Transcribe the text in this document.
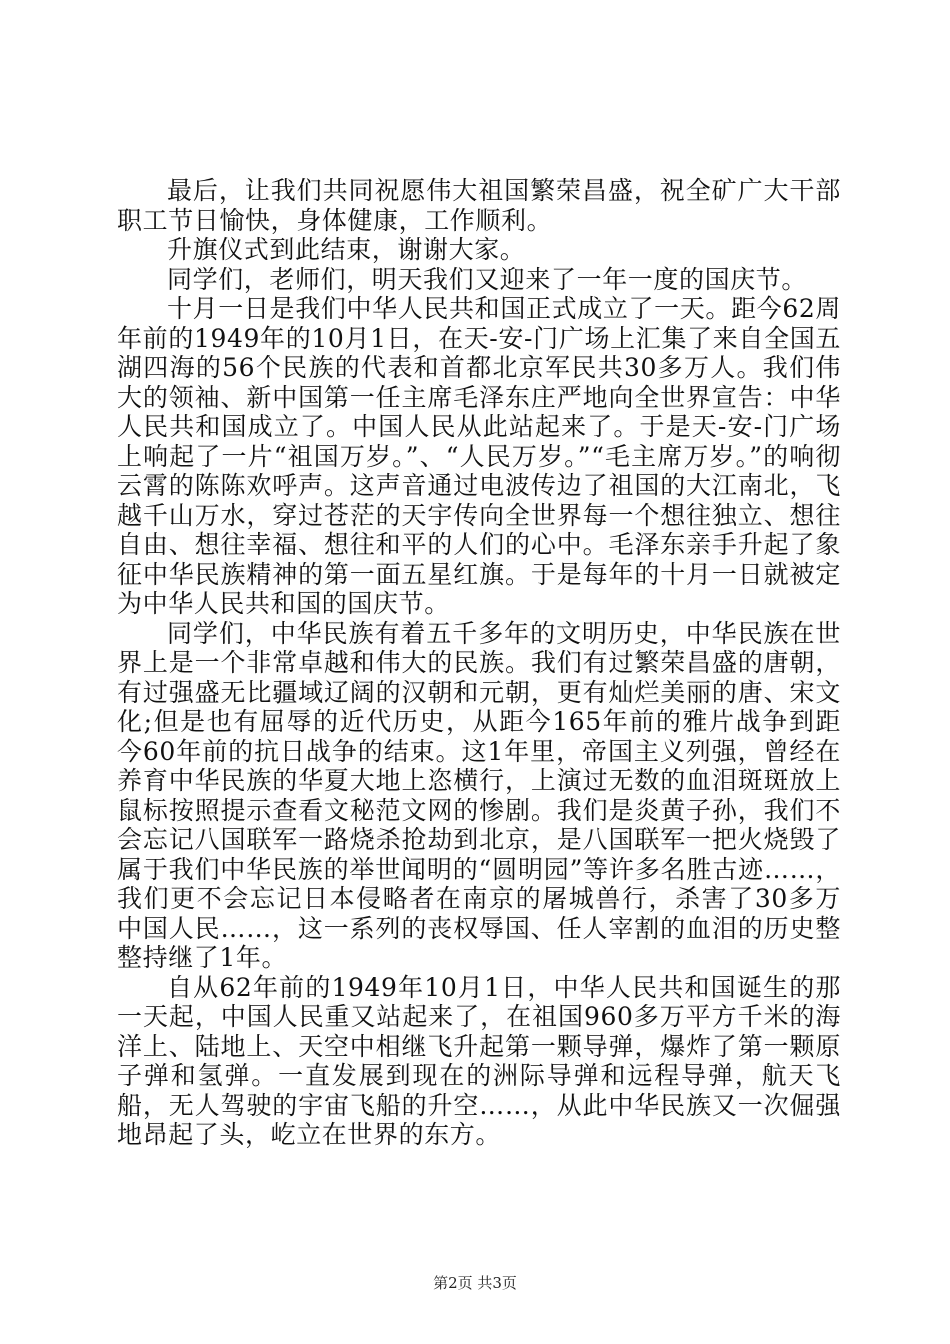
最后，让我们共同祝愿伟大祖国繁荣昌盛，祝全矿广大干部职工节日愉快，身体健康，工作顺利。

升旗仪式到此结束，谢谢大家。

同学们，老师们，明天我们又迎来了一年一度的国庆节。

十月一日是我们中华人民共和国正式成立了一天。距今62周年前的1949年的10月1日，在天-安-门广场上汇集了来自全国五湖四海的56个民族的代表和首都北京军民共30多万人。我们伟大的领袖、新中国第一任主席毛泽东庄严地向全世界宣告：中华人民共和国成立了。中国人民从此站起来了。于是天-安-门广场上响起了一片“祖国万岁。”、“人民万岁。”“毛主席万岁。”的响彻云霄的陈陈欢呼声。这声音通过电波传边了祖国的大江南北，飞越千山万水，穿过苍茫的天宇传向全世界每一个想往独立、想往自由、想往幸福、想往和平的人们的心中。毛泽东亲手升起了象征中华民族精神的第一面五星红旗。于是每年的十月一日就被定为中华人民共和国的国庆节。

同学们，中华民族有着五千多年的文明历史，中华民族在世界上是一个非常卓越和伟大的民族。我们有过繁荣昌盛的唐朝，有过强盛无比疆域辽阔的汉朝和元朝，更有灿烂美丽的唐、宋文化;但是也有屈辱的近代历史，从距今165年前的雅片战争到距今60年前的抗日战争的结束。这1年里，帝国主义列强，曾经在养育中华民族的华夏大地上恣横行，上演过无数的血泪斑斑放上鼠标按照提示查看文秘范文网的惨剧。我们是炎黄子孙，我们不会忘记八国联军一路烧杀抢劫到北京，是八国联军一把火烧毁了属于我们中华民族的举世闻明的“圆明园”等许多名胜古迹……，我们更不会忘记日本侵略者在南京的屠城兽行，杀害了30多万中国人民……，这一系列的丧权辱国、任人宰割的血泪的历史整整持继了1年。

自从62年前的1949年10月1日，中华人民共和国诞生的那一天起，中国人民重又站起来了，在祖国960多万平方千米的海洋上、陆地上、天空中相继飞升起第一颗导弹，爆炸了第一颗原子弹和氢弹。一直发展到现在的洲际导弹和远程导弹，航天飞船，无人驾驶的宇宙飞船的升空……，从此中华民族又一次倔强地昂起了头，屹立在世界的东方。

第2页 共3页
